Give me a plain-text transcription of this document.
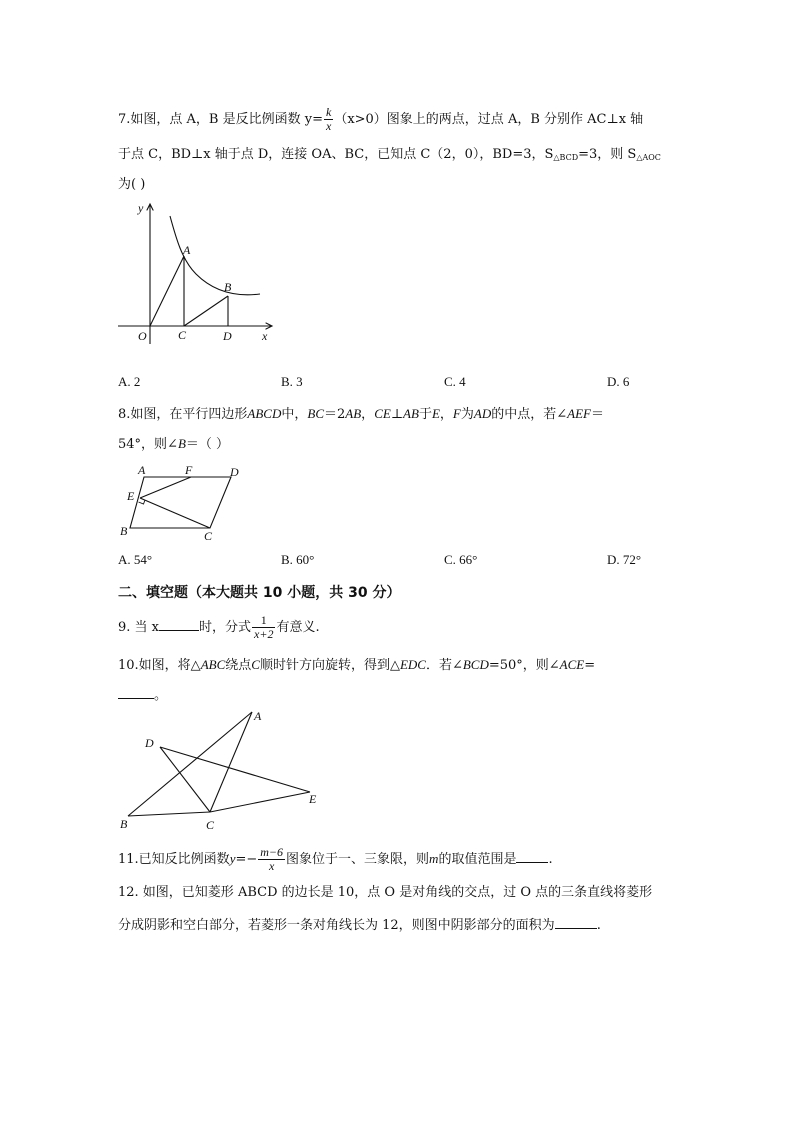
7.如图，点 A，B 是反比例函数 $y= \frac{k}{x} (x>0)$图象上的两点，过点 A，B 分别作 AC⊥x 轴
于点 C，BD⊥x 轴于点 D，连接 OA、BC，已知点 C（2，0），BD=3，$S_{\triangle BCD}=3$，则 $S_{\triangle AOC}$
为( )
y
x
O
A
B
C	D
A. 2	B. 3	C. 4	D. 6
8.如图，在平行四边形ABCD中，BC＝2AB，CE⊥AB于E，F为AD的中点，若∠AEF＝
54°，则∠B＝（ ）
A	F	D
E
B	C
A. 54°	B. 60°	C. 66°	D. 72°
二、填空题（本大题共 10 小题，共 30 分）
9. 当 x	时，分式 $\frac{1}{x+2}$ 有意义.
10.如图，将△ABC绕点C顺时针方向旋转，得到△EDC．若∠BCD=50°，则∠ACE=
。
A
D
E
B	C
11.已知反比例函数$y=- \frac{m-6}{x}$ 图象位于一、三象限，则m的取值范围是 .
12. 如图，已知菱形 ABCD 的边长是 10，点 O 是对角线的交点，过 O 点的三条直线将菱形
分成阴影和空白部分，若菱形一条对角线长为 12，则图中阴影部分的面积为	.
